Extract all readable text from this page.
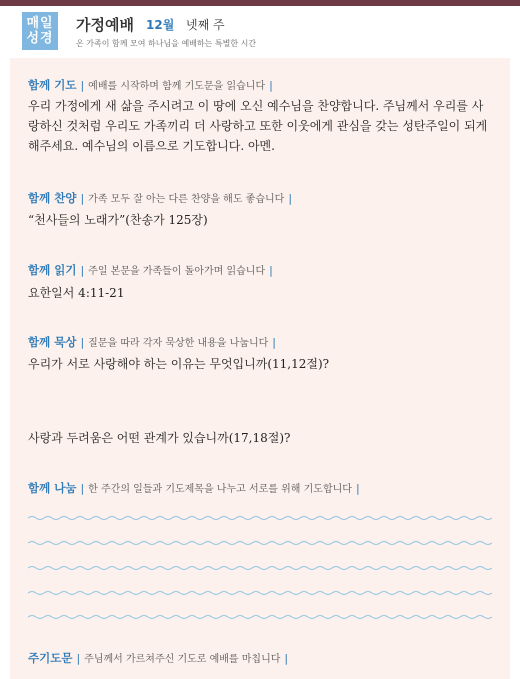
매일
성경
가정예배 12월 넷째 주
온 가족이 함께 모여 하나님을 예배하는 특별한 시간
함께 기도 | 예배를 시작하며 함께 기도문을 읽습니다 |
우리 가정에게 새 삶을 주시려고 이 땅에 오신 예수님을 찬양합니다. 주님께서 우리를 사랑하신 것처럼 우리도 가족끼리 더 사랑하고 또한 이웃에게 관심을 갖는 성탄주일이 되게 해주세요. 예수님의 이름으로 기도합니다. 아멘.
함께 찬양 | 가족 모두 잘 아는 다른 찬양을 해도 좋습니다 |
“천사들의 노래가”(찬송가 125장)
함께 읽기 | 주일 본문을 가족들이 돌아가며 읽습니다 |
요한일서 4:11-21
함께 묵상 | 질문을 따라 각자 묵상한 내용을 나눕니다 |
우리가 서로 사랑해야 하는 이유는 무엇입니까(11,12절)?
사랑과 두려움은 어떤 관계가 있습니까(17,18절)?
함께 나눔 | 한 주간의 일들과 기도제목을 나누고 서로를 위해 기도합니다 |
주기도문 | 주님께서 가르쳐주신 기도로 예배를 마칩니다 |
